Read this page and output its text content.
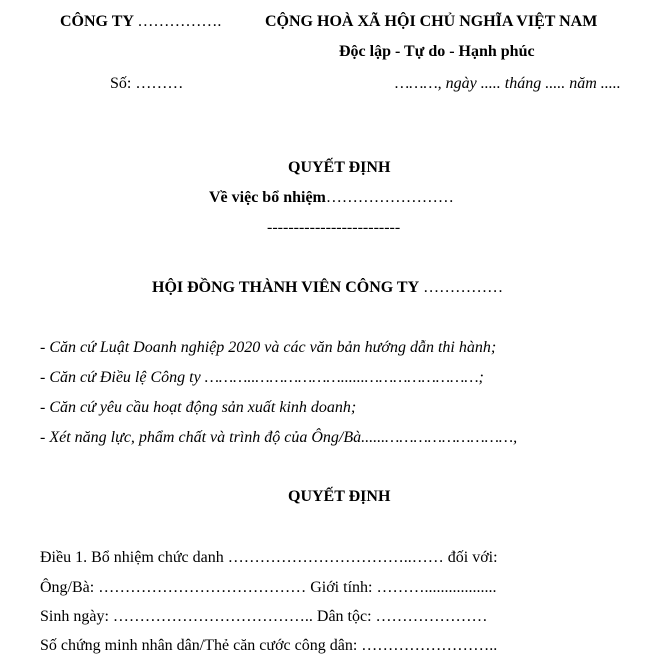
CÔNG TY …………….	CỘNG HOÀ XÃ HỘI CHỦ NGHĨA VIỆT NAM
Độc lập - Tự do - Hạnh phúc
Số: ………	………, ngày ..... tháng ..... năm .....
QUYẾT ĐỊNH
Về việc bổ nhiệm……………………
-------------------------
HỘI ĐỒNG THÀNH VIÊN CÔNG TY ……………
- Căn cứ Luật Doanh nghiệp 2020 và các văn bản hướng dẫn thi hành;
- Căn cứ Điều lệ Công ty ………..………………......……………………;
- Căn cứ yêu cầu hoạt động sản xuất kinh doanh;
- Xét năng lực, phẩm chất và trình độ của Ông/Bà......………………………,
QUYẾT ĐỊNH
Điều 1. Bổ nhiệm chức danh ……………………………..…… đối với:
Ông/Bà: ………………………………… Giới tính: ………..................
Sinh ngày: ……………………………….. Dân tộc: …………………
Số chứng minh nhân dân/Thẻ căn cước công dân: ……………………..
